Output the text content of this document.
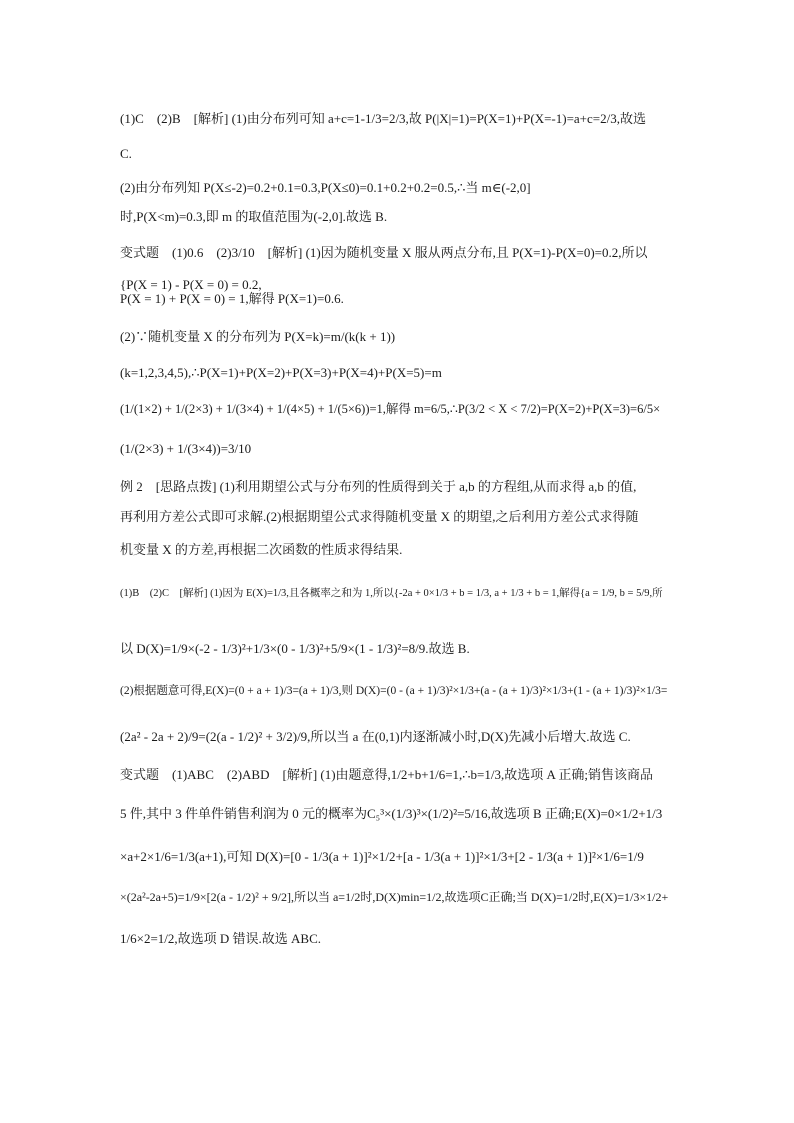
(1)C　(2)B　[解析] (1)由分布列可知 a+c=1-1/3=2/3,故 P(|X|=1)=P(X=1)+P(X=-1)=a+c=2/3,故选
C.
(2)由分布列知 P(X≤-2)=0.2+0.1=0.3,P(X≤0)=0.1+0.2+0.2=0.5,∴当 m∈(-2,0]
时,P(X<m)=0.3,即 m 的取值范围为(-2,0].故选 B.
变式题　(1)0.6　(2)3/10　[解析] (1)因为随机变量 X 服从两点分布,且 P(X=1)-P(X=0)=0.2,所以
{P(X = 1) - P(X = 0) = 0.2,
P(X = 1) + P(X = 0) = 1,解得 P(X=1)=0.6.
(2)∵随机变量 X 的分布列为 P(X=k)=m/(k(k + 1))
(k=1,2,3,4,5),∴P(X=1)+P(X=2)+P(X=3)+P(X=4)+P(X=5)=m
(1/(1×2) + 1/(2×3) + 1/(3×4) + 1/(4×5) + 1/(5×6))=1,解得 m=6/5,∴P(3/2 < X < 7/2)=P(X=2)+P(X=3)=6/5×
(1/(2×3) + 1/(3×4))=3/10
例 2　[思路点拨] (1)利用期望公式与分布列的性质得到关于 a,b 的方程组,从而求得 a,b 的值,
再利用方差公式即可求解.(2)根据期望公式求得随机变量 X 的期望,之后利用方差公式求得随
机变量 X 的方差,再根据二次函数的性质求得结果.
(1)B　(2)C　[解析] (1)因为 E(X)=1/3,且各概率之和为 1,所以{-2a + 0×1/3 + b = 1/3, a + 1/3 + b = 1,解得{a = 1/9, b = 5/9,所
以 D(X)=1/9×(-2 - 1/3)²+1/3×(0 - 1/3)²+5/9×(1 - 1/3)²=8/9.故选 B.
(2)根据题意可得,E(X)=(0 + a + 1)/3=(a + 1)/3,则 D(X)=(0 - (a + 1)/3)²×1/3+(a - (a + 1)/3)²×1/3+(1 - (a + 1)/3)²×1/3=
(2a² - 2a + 2)/9=(2(a - 1/2)² + 3/2)/9,所以当 a 在(0,1)内逐渐减小时,D(X)先减小后增大.故选 C.
变式题　(1)ABC　(2)ABD　[解析] (1)由题意得,1/2+b+1/6=1,∴b=1/3,故选项 A 正确;销售该商品
5 件,其中 3 件单件销售利润为 0 元的概率为C₅³×(1/3)³×(1/2)²=5/16,故选项 B 正确;E(X)=0×1/2+1/3
×a+2×1/6=1/3(a+1),可知 D(X)=[0 - 1/3(a + 1)]²×1/2+[a - 1/3(a + 1)]²×1/3+[2 - 1/3(a + 1)]²×1/6=1/9
×(2a²-2a+5)=1/9×[2(a - 1/2)² + 9/2],所以当 a=1/2时,D(X)min=1/2,故选项C正确;当 D(X)=1/2时,E(X)=1/3×1/2+
1/6×2=1/2,故选项 D 错误.故选 ABC.
